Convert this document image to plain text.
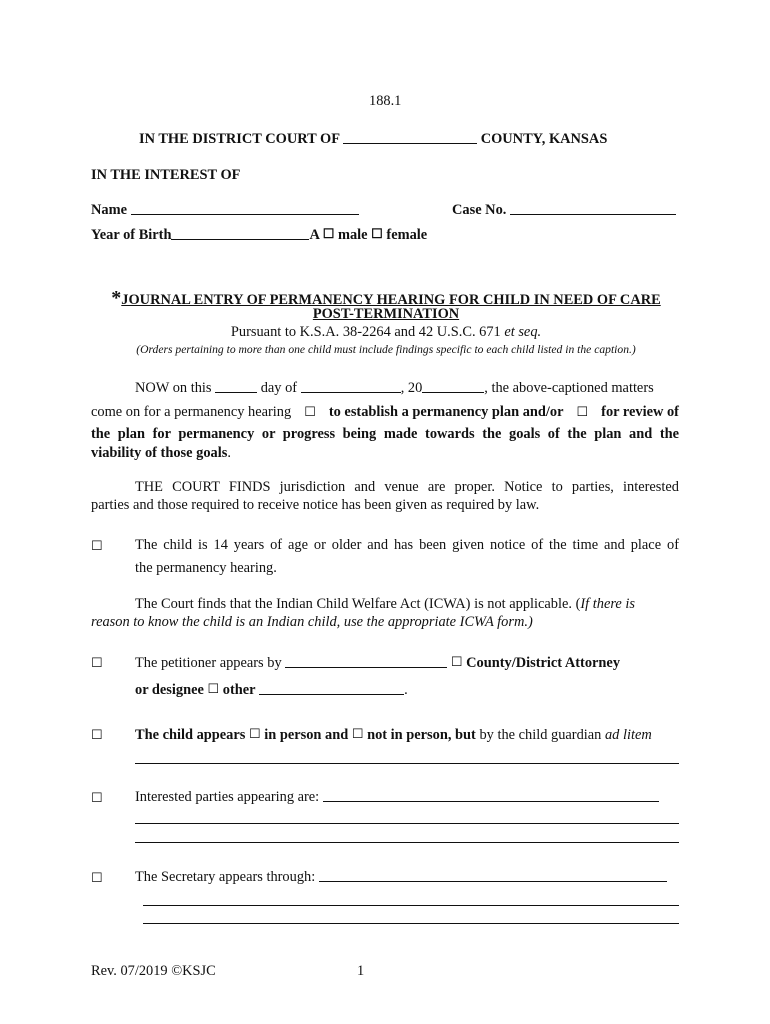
188.1
IN THE DISTRICT COURT OF	COUNTY, KANSAS
IN THE INTEREST OF
Name	Case No.
Year of Birth	A ☐ male ☐ female
*JOURNAL ENTRY OF PERMANENCY HEARING FOR CHILD IN NEED OF CARE
POST-TERMINATION
Pursuant to K.S.A. 38-2264 and 42 U.S.C. 671 et seq.
(Orders pertaining to more than one child must include findings specific to each child listed in the caption.)
NOW on this	day of	, 20	, the above-captioned matters
come on for a permanency hearing ☐ to establish a permanency plan and/or ☐ for review of
the plan for permanency or progress being made towards the goals of the plan and the
viability of those goals.
THE COURT FINDS jurisdiction and venue are proper. Notice to parties, interested
parties and those required to receive notice has been given as required by law.
☐ The child is 14 years of age or older and has been given notice of the time and place of
the permanency hearing.
The Court finds that the Indian Child Welfare Act (ICWA) is not applicable. (If there is
reason to know the child is an Indian child, use the appropriate ICWA form.)
☐ The petitioner appears by	☐ County/District Attorney
or designee ☐ other	.
☐ The child appears ☐ in person and ☐ not in person, but by the child guardian ad litem
☐ Interested parties appearing are:
☐ The Secretary appears through:
Rev. 07/2019 ©KSJC	1
